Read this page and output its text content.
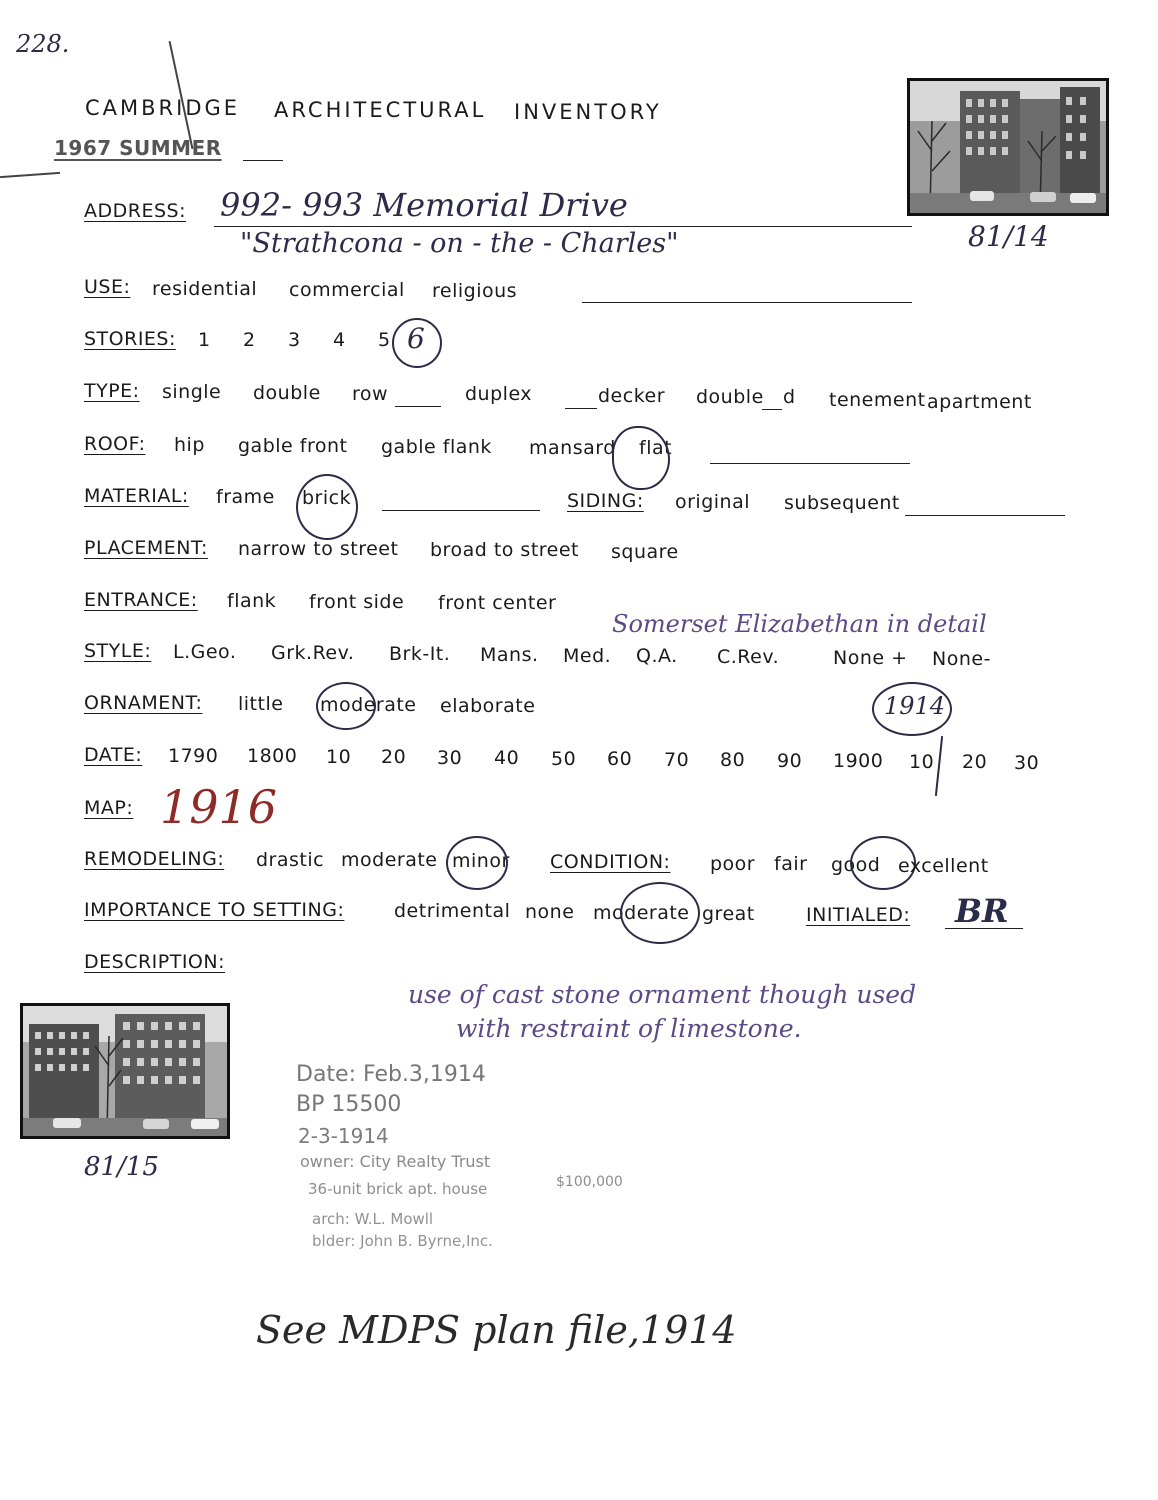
228.
CAMBRIDGE ARCHITECTURAL INVENTORY
1967 SUMMER
81/14
ADDRESS: 992- 993 Memorial Drive
"Strathcona - on - the - Charles"
USE: residential commercial religious
STORIES: 1 2 3 4 5 6
TYPE: single double row	duplex	decker double d tenement apartment
ROOF: hip gable front gable flank mansard flat
MATERIAL: frame brick	SIDING: original subsequent
PLACEMENT: narrow to street broad to street square
ENTRANCE: flank front side front center
Somerset Elizabethan in detail
STYLE: L.Geo. Grk.Rev. Brk-It. Mans. Med. Q.A. C.Rev.	None + None-
ORNAMENT: little moderate elaborate	1914
DATE: 1790 1800 10 20 30 40 50 60 70 80 90 1900 10 20 30
MAP: 1916
REMODELING: drastic moderate minor CONDITION: poor fair good excellent
IMPORTANCE TO SETTING:	detrimental none moderate great	INITIALED: BR
DESCRIPTION:
use of cast stone ornament though used
with restraint of limestone.
81/15
Date: Feb.3,1914
BP 15500
2-3-1914
owner: City Realty Trust
36-unit brick apt. house	$100,000
arch: W.L. Mowll
blder: John B. Byrne,Inc.
See MDPS plan file,1914
